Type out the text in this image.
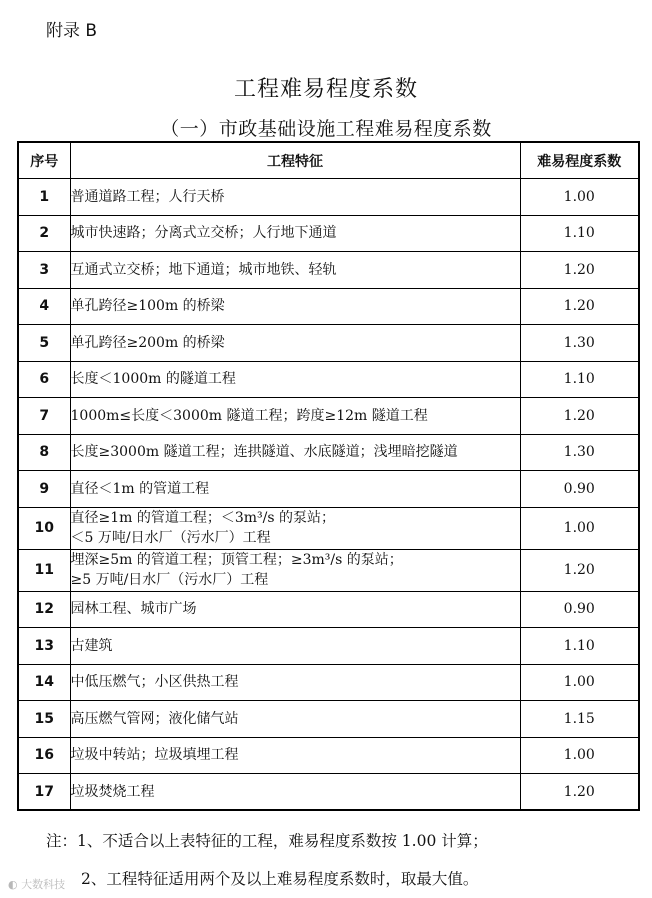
附录 B
工程难易程度系数
（一）市政基础设施工程难易程度系数
序号	工程特征	难易程度系数
1	普通道路工程；人行天桥	1.00
2	城市快速路；分离式立交桥；人行地下通道	1.10
3	互通式立交桥；地下通道；城市地铁、轻轨	1.20
4	单孔跨径≥100m 的桥梁	1.20
5	单孔跨径≥200m 的桥梁	1.30
6	长度＜1000m 的隧道工程	1.10
7	1000m≤长度＜3000m 隧道工程；跨度≥12m 隧道工程	1.20
8	长度≥3000m 隧道工程；连拱隧道、水底隧道；浅埋暗挖隧道	1.30
9	直径＜1m 的管道工程	0.90
10	直径≥1m 的管道工程；＜3m³/s 的泵站；
＜5 万吨/日水厂（污水厂）工程	1.00
11	埋深≥5m 的管道工程；顶管工程；≥3m³/s 的泵站；
≥5 万吨/日水厂（污水厂）工程	1.20
12	园林工程、城市广场	0.90
13	古建筑	1.10
14	中低压燃气；小区供热工程	1.00
15	高压燃气管网；液化储气站	1.15
16	垃圾中转站；垃圾填埋工程	1.00
17	垃圾焚烧工程	1.20
注：1、不适合以上表特征的工程，难易程度系数按 1.00 计算；
2、工程特征适用两个及以上难易程度系数时，取最大值。
◐ 大数科技
